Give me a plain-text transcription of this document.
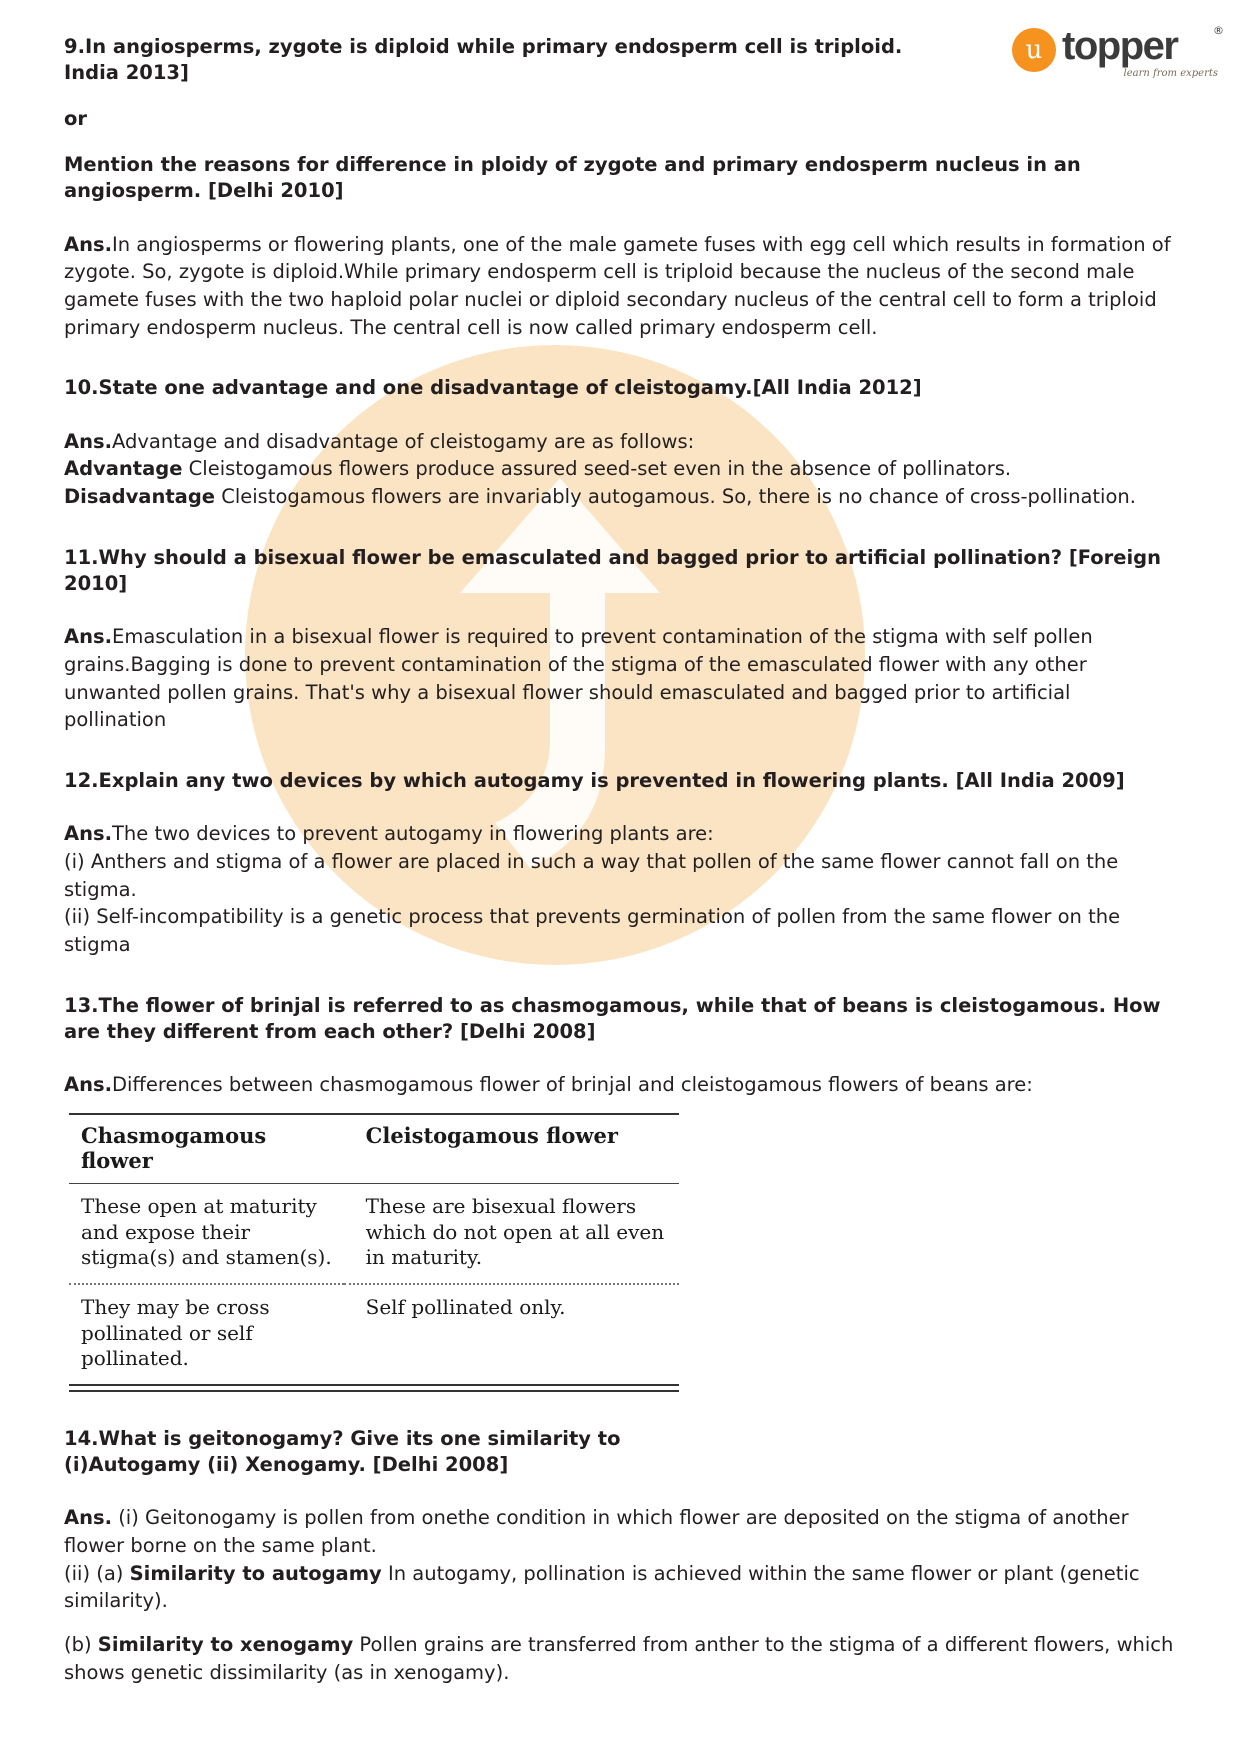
u topper	®
learn from experts

9.In angiosperms, zygote is diploid while primary endosperm cell is triploid.

India 2013]

or

Mention the reasons for difference in ploidy of zygote and primary endosperm nucleus in an angiosperm. [Delhi 2010]

Ans.In angiosperms or flowering plants, one of the male gamete fuses with egg cell which results in formation of zygote. So, zygote is diploid.While primary endosperm cell is triploid because the nucleus of the second male gamete fuses with the two haploid polar nuclei or diploid secondary nucleus of the central cell to form a triploid primary endosperm nucleus. The central cell is now called primary endosperm cell.

10.State one advantage and one disadvantage of cleistogamy.[All India 2012]

Ans.Advantage and disadvantage of cleistogamy are as follows:

Advantage Cleistogamous flowers produce assured seed-set even in the absence of pollinators.

Disadvantage Cleistogamous flowers are invariably autogamous. So, there is no chance of cross-pollination.

11.Why should a bisexual flower be emasculated and bagged prior to artificial pollination? [Foreign 2010]

Ans.Emasculation in a bisexual flower is required to prevent contamination of the stigma with self pollen grains.Bagging is done to prevent contamination of the stigma of the emasculated flower with any other unwanted pollen grains. That's why a bisexual flower should emasculated and bagged prior to artificial pollination

12.Explain any two devices by which autogamy is prevented in flowering plants. [All India 2009]

Ans.The two devices to prevent autogamy in flowering plants are:

(i) Anthers and stigma of a flower are placed in such a way that pollen of the same flower cannot fall on the stigma.

(ii) Self-incompatibility is a genetic process that prevents germination of pollen from the same flower on the stigma

13.The flower of brinjal is referred to as chasmogamous, while that of beans is cleistogamous. How are they different from each other? [Delhi 2008]

Ans.Differences between chasmogamous flower of brinjal and cleistogamous flowers of beans are:

Chasmogamous flower	Cleistogamous flower
These open at maturity and expose their stigma(s) and stamen(s).	These are bisexual flowers which do not open at all even in maturity.
They may be cross pollinated or self pollinated.	Self pollinated only.

14.What is geitonogamy? Give its one similarity to

(i)Autogamy (ii) Xenogamy. [Delhi 2008]

Ans. (i) Geitonogamy is pollen from onethe condition in which flower are deposited on the stigma of another flower borne on the same plant.

(ii) (a) Similarity to autogamy In autogamy, pollination is achieved within the same flower or plant (genetic similarity).

(b) Similarity to xenogamy Pollen grains are transferred from anther to the stigma of a different flowers, which shows genetic dissimilarity (as in xenogamy).
